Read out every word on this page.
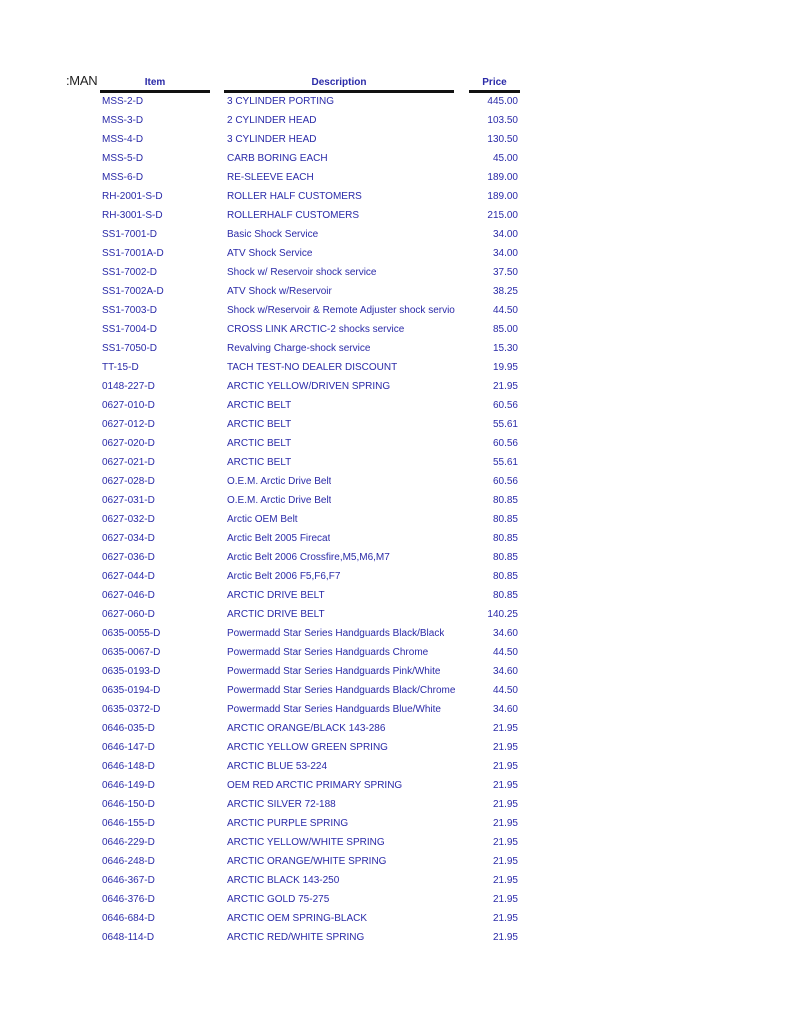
:MAN	Item	Description	Price
MSS-2-D	3 CYLINDER PORTING	445.00
MSS-3-D	2 CYLINDER HEAD	103.50
MSS-4-D	3 CYLINDER HEAD	130.50
MSS-5-D	CARB BORING EACH	45.00
MSS-6-D	RE-SLEEVE EACH	189.00
RH-2001-S-D	ROLLER HALF CUSTOMERS	189.00
RH-3001-S-D	ROLLERHALF CUSTOMERS	215.00
SS1-7001-D	Basic Shock Service	34.00
SS1-7001A-D	ATV Shock Service	34.00
SS1-7002-D	Shock w/ Reservoir shock service	37.50
SS1-7002A-D	ATV Shock w/Reservoir	38.25
SS1-7003-D	Shock w/Reservoir & Remote Adjuster shock servio	44.50
SS1-7004-D	CROSS LINK ARCTIC-2 shocks service	85.00
SS1-7050-D	Revalving Charge-shock service	15.30
TT-15-D	TACH TEST-NO DEALER DISCOUNT	19.95
0148-227-D	ARCTIC YELLOW/DRIVEN SPRING	21.95
0627-010-D	ARCTIC BELT	60.56
0627-012-D	ARCTIC BELT	55.61
0627-020-D	ARCTIC BELT	60.56
0627-021-D	ARCTIC BELT	55.61
0627-028-D	O.E.M. Arctic Drive Belt	60.56
0627-031-D	O.E.M. Arctic Drive Belt	80.85
0627-032-D	Arctic OEM Belt	80.85
0627-034-D	Arctic Belt 2005 Firecat	80.85
0627-036-D	Arctic Belt 2006 Crossfire,M5,M6,M7	80.85
0627-044-D	Arctic Belt 2006 F5,F6,F7	80.85
0627-046-D	ARCTIC DRIVE BELT	80.85
0627-060-D	ARCTIC DRIVE BELT	140.25
0635-0055-D	Powermadd Star Series Handguards Black/Black	34.60
0635-0067-D	Powermadd Star Series Handguards Chrome	44.50
0635-0193-D	Powermadd Star Series Handguards Pink/White	34.60
0635-0194-D	Powermadd Star Series Handguards Black/Chrome	44.50
0635-0372-D	Powermadd Star Series Handguards Blue/White	34.60
0646-035-D	ARCTIC ORANGE/BLACK 143-286	21.95
0646-147-D	ARCTIC YELLOW GREEN SPRING	21.95
0646-148-D	ARCTIC BLUE 53-224	21.95
0646-149-D	OEM RED ARCTIC PRIMARY SPRING	21.95
0646-150-D	ARCTIC SILVER 72-188	21.95
0646-155-D	ARCTIC PURPLE SPRING	21.95
0646-229-D	ARCTIC YELLOW/WHITE SPRING	21.95
0646-248-D	ARCTIC ORANGE/WHITE SPRING	21.95
0646-367-D	ARCTIC BLACK 143-250	21.95
0646-376-D	ARCTIC GOLD 75-275	21.95
0646-684-D	ARCTIC OEM SPRING-BLACK	21.95
0648-114-D	ARCTIC RED/WHITE SPRING	21.95
